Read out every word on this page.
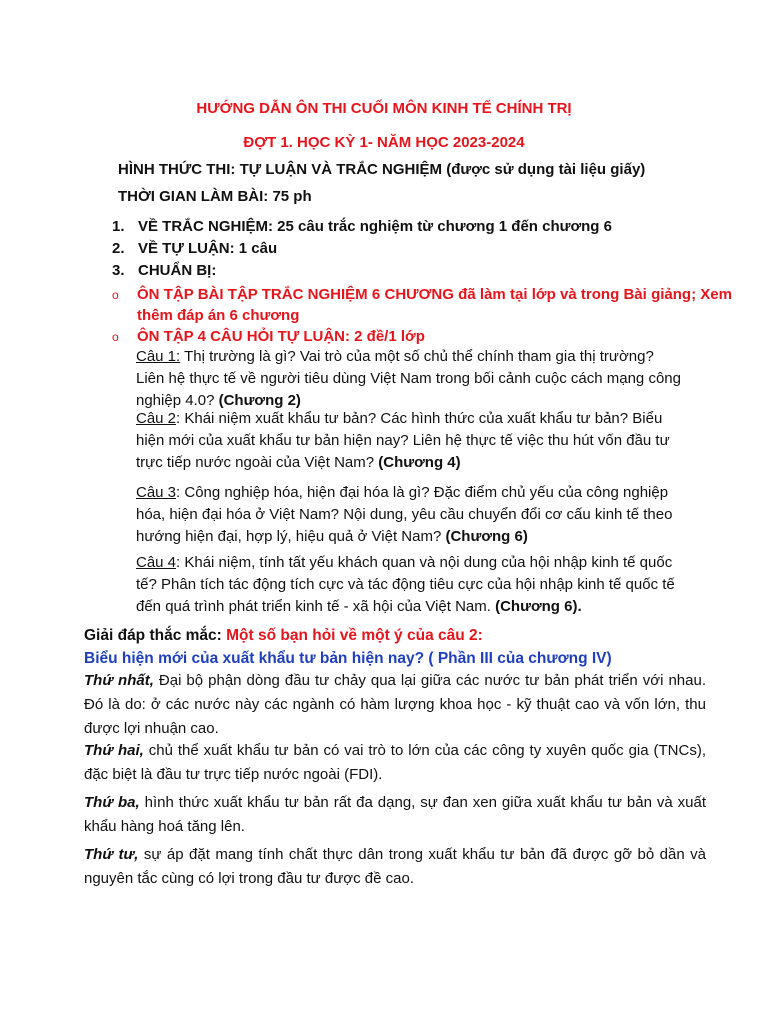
HƯỚNG DẪN ÔN THI CUỐI MÔN KINH TẾ CHÍNH TRỊ
ĐỢT 1. HỌC KỲ 1- NĂM HỌC 2023-2024
HÌNH THỨC THI: TỰ LUẬN VÀ TRẮC NGHIỆM (được sử dụng tài liệu giấy)
THỜI GIAN LÀM BÀI: 75 ph
1. VỀ TRẮC NGHIỆM: 25 câu trắc nghiệm từ chương 1 đến chương 6
2. VỀ TỰ LUẬN: 1 câu
3. CHUẨN BỊ:
o ÔN TẬP BÀI TẬP TRẮC NGHIỆM 6 CHƯƠNG đã làm tại lớp và trong Bài giảng; Xem thêm đáp án 6 chương
o ÔN TẬP 4 CÂU HỎI TỰ LUẬN: 2 đề/1 lớp
Câu 1: Thị trường là gì? Vai trò của một số chủ thể chính tham gia thị trường? Liên hệ thực tế về người tiêu dùng Việt Nam trong bối cảnh cuộc cách mạng công nghiệp 4.0? (Chương 2)
Câu 2: Khái niệm xuất khẩu tư bản? Các hình thức của xuất khẩu tư bản? Biểu hiện mới của xuất khẩu tư bản hiện nay? Liên hệ thực tế việc thu hút vốn đầu tư trực tiếp nước ngoài của Việt Nam? (Chương 4)
Câu 3: Công nghiệp hóa, hiện đại hóa là gì? Đặc điểm chủ yếu của công nghiệp hóa, hiện đại hóa ở Việt Nam? Nội dung, yêu cầu chuyển đổi cơ cấu kinh tế theo hướng hiện đại, hợp lý, hiệu quả ở Việt Nam? (Chương 6)
Câu 4: Khái niệm, tính tất yếu khách quan và nội dung của hội nhập kinh tế quốc tế? Phân tích tác động tích cực và tác động tiêu cực của hội nhập kinh tế quốc tế đến quá trình phát triển kinh tế - xã hội của Việt Nam. (Chương 6).
Giải đáp thắc mắc: Một số bạn hỏi về một ý của câu 2:
Biểu hiện mới của xuất khẩu tư bản hiện nay? ( Phần III của chương IV)
Thứ nhất, Đại bộ phận dòng đầu tư chảy qua lại giữa các nước tư bản phát triển với nhau. Đó là do: ở các nước này các ngành có hàm lượng khoa học - kỹ thuật cao và vốn lớn, thu được lợi nhuận cao.
Thứ hai, chủ thể xuất khẩu tư bản có vai trò to lớn của các công ty xuyên quốc gia (TNCs), đặc biệt là đầu tư trực tiếp nước ngoài (FDI).
Thứ ba, hình thức xuất khẩu tư bản rất đa dạng, sự đan xen giữa xuất khẩu tư bản và xuất khẩu hàng hoá tăng lên.
Thứ tư, sự áp đặt mang tính chất thực dân trong xuất khẩu tư bản đã được gỡ bỏ dần và nguyên tắc cùng có lợi trong đầu tư được đề cao.
